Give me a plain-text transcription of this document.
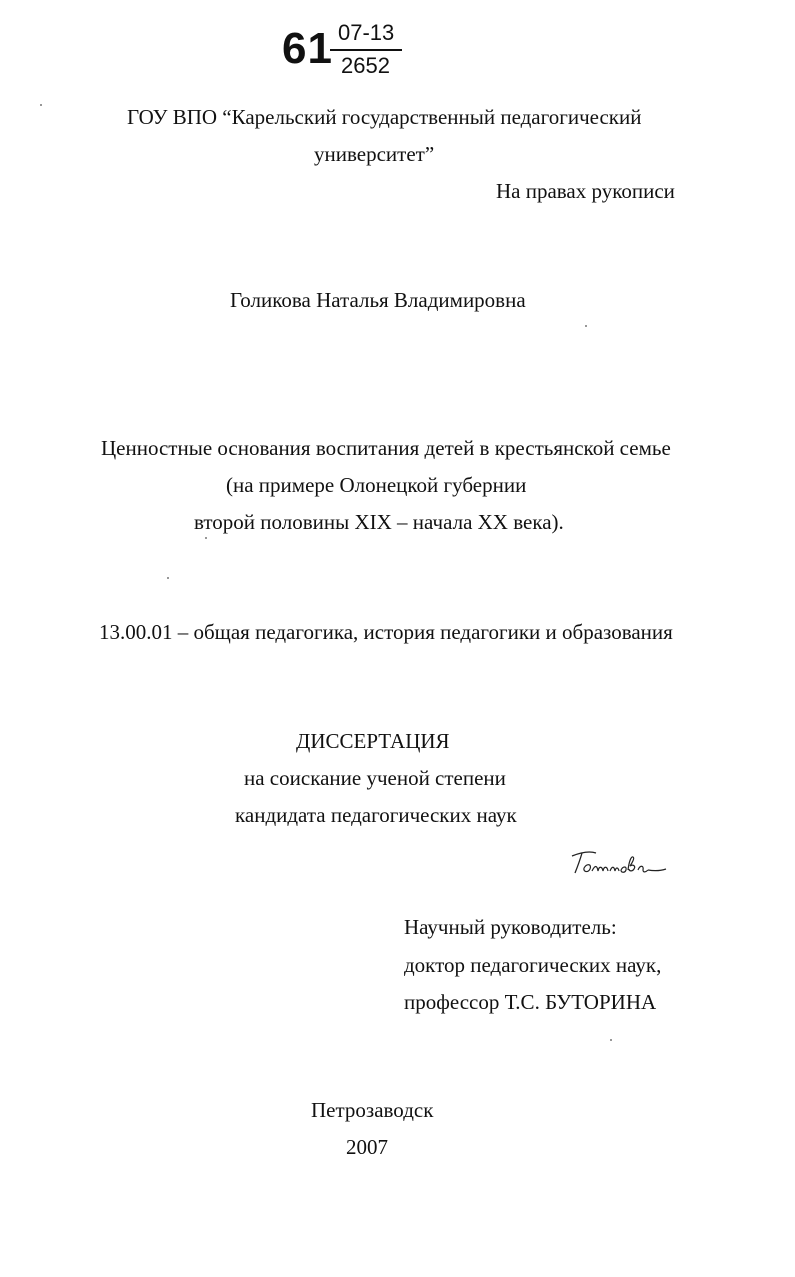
61 07-13
2652
ГОУ ВПО “Карельский государственный педагогический
университет”
На правах рукописи
Голикова Наталья Владимировна
Ценностные основания воспитания детей в крестьянской семье
(на примере Олонецкой губернии
второй половины XIX – начала XX века).
13.00.01 – общая педагогика, история педагогики и образования
ДИССЕРТАЦИЯ
на соискание ученой степени
кандидата педагогических наук
Научный руководитель:
доктор педагогических наук,
профессор Т.С. БУТОРИНА
Петрозаводск
2007
